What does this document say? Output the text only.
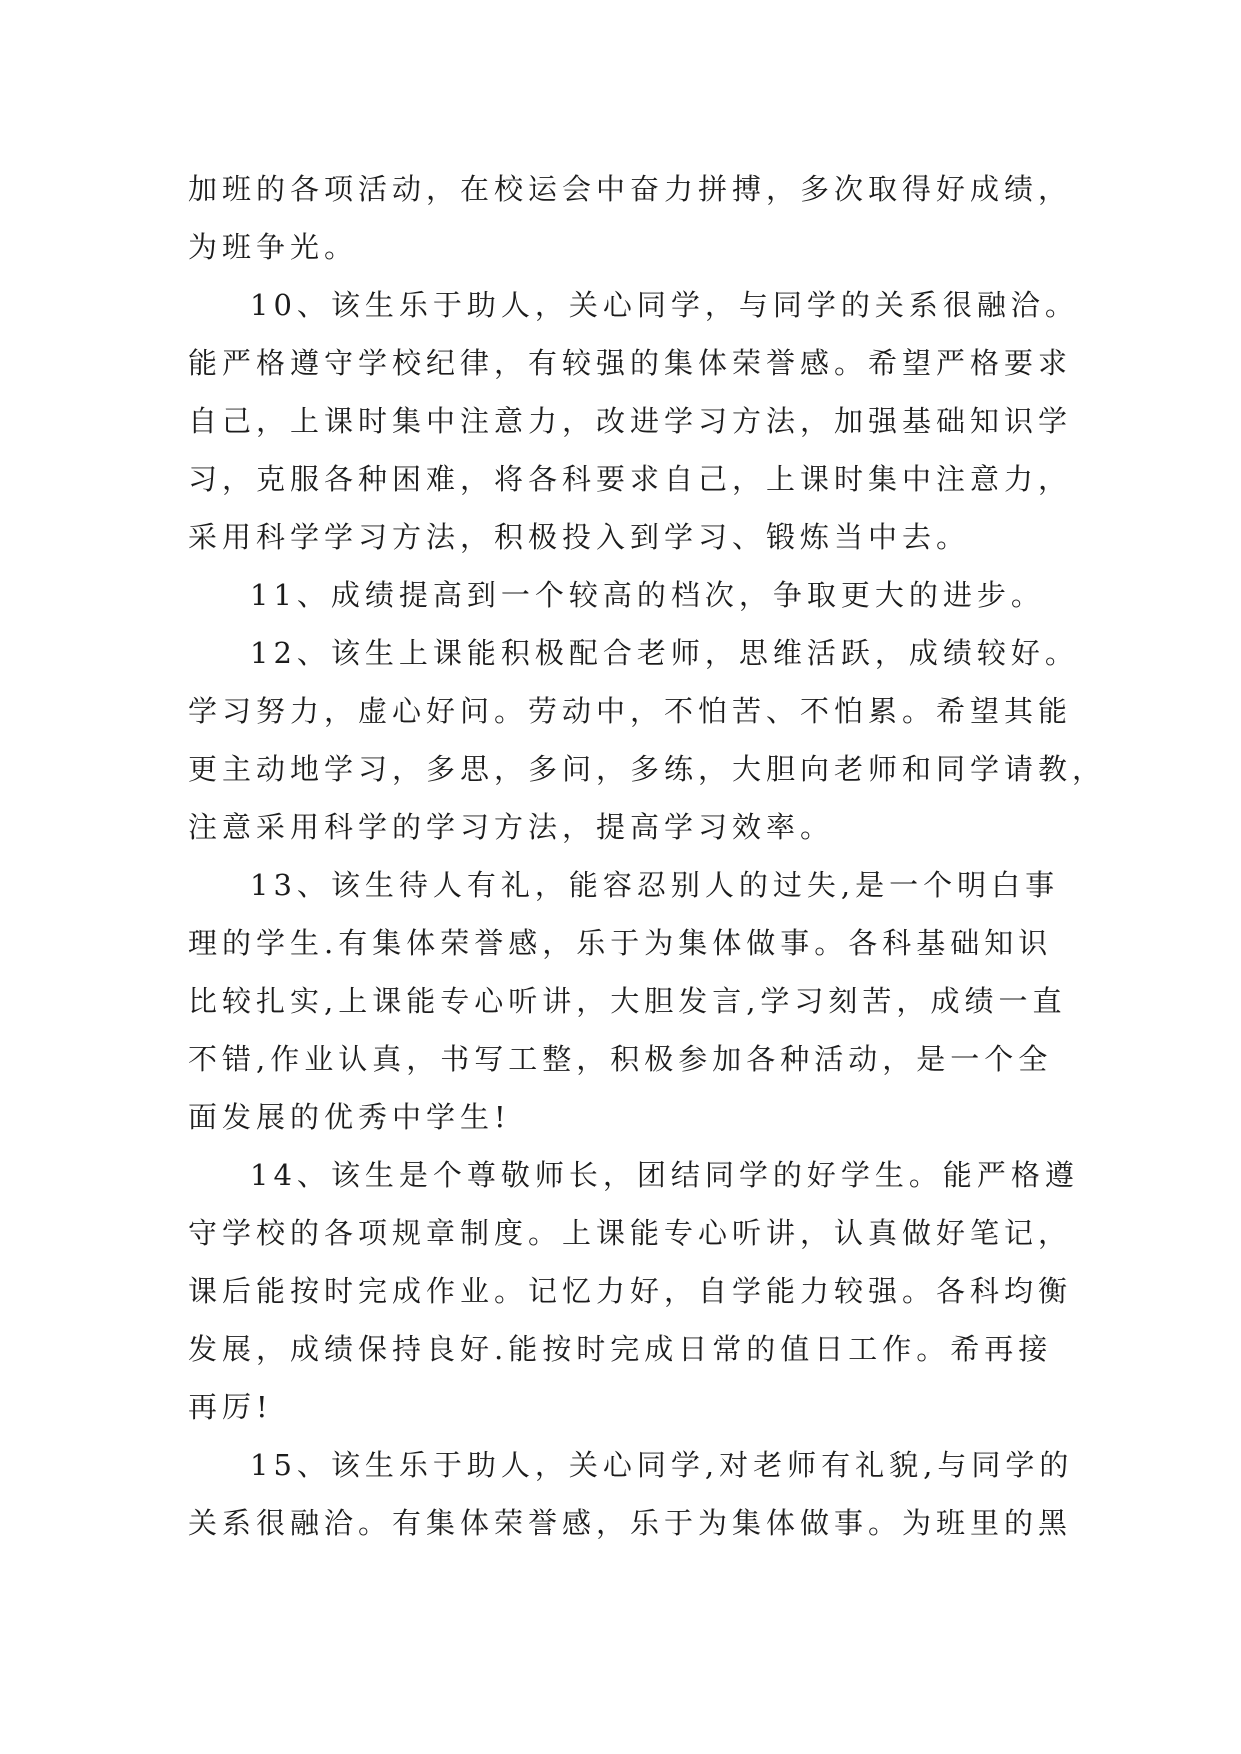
加班的各项活动，在校运会中奋力拼搏，多次取得好成绩，
为班争光。
10、该生乐于助人，关心同学，与同学的关系很融洽。
能严格遵守学校纪律，有较强的集体荣誉感。希望严格要求
自己，上课时集中注意力，改进学习方法，加强基础知识学
习，克服各种困难，将各科要求自己，上课时集中注意力，
采用科学学习方法，积极投入到学习、锻炼当中去。
11、成绩提高到一个较高的档次，争取更大的进步。
12、该生上课能积极配合老师，思维活跃，成绩较好。
学习努力，虚心好问。劳动中，不怕苦、不怕累。希望其能
更主动地学习，多思，多问，多练，大胆向老师和同学请教，
注意采用科学的学习方法，提高学习效率。
13、该生待人有礼，能容忍别人的过失,是一个明白事
理的学生.有集体荣誉感，乐于为集体做事。各科基础知识
比较扎实,上课能专心听讲，大胆发言,学习刻苦，成绩一直
不错,作业认真，书写工整，积极参加各种活动，是一个全
面发展的优秀中学生!
14、该生是个尊敬师长，团结同学的好学生。能严格遵
守学校的各项规章制度。上课能专心听讲，认真做好笔记，
课后能按时完成作业。记忆力好，自学能力较强。各科均衡
发展，成绩保持良好.能按时完成日常的值日工作。希再接
再厉!
15、该生乐于助人，关心同学,对老师有礼貌,与同学的
关系很融洽。有集体荣誉感，乐于为集体做事。为班里的黑
